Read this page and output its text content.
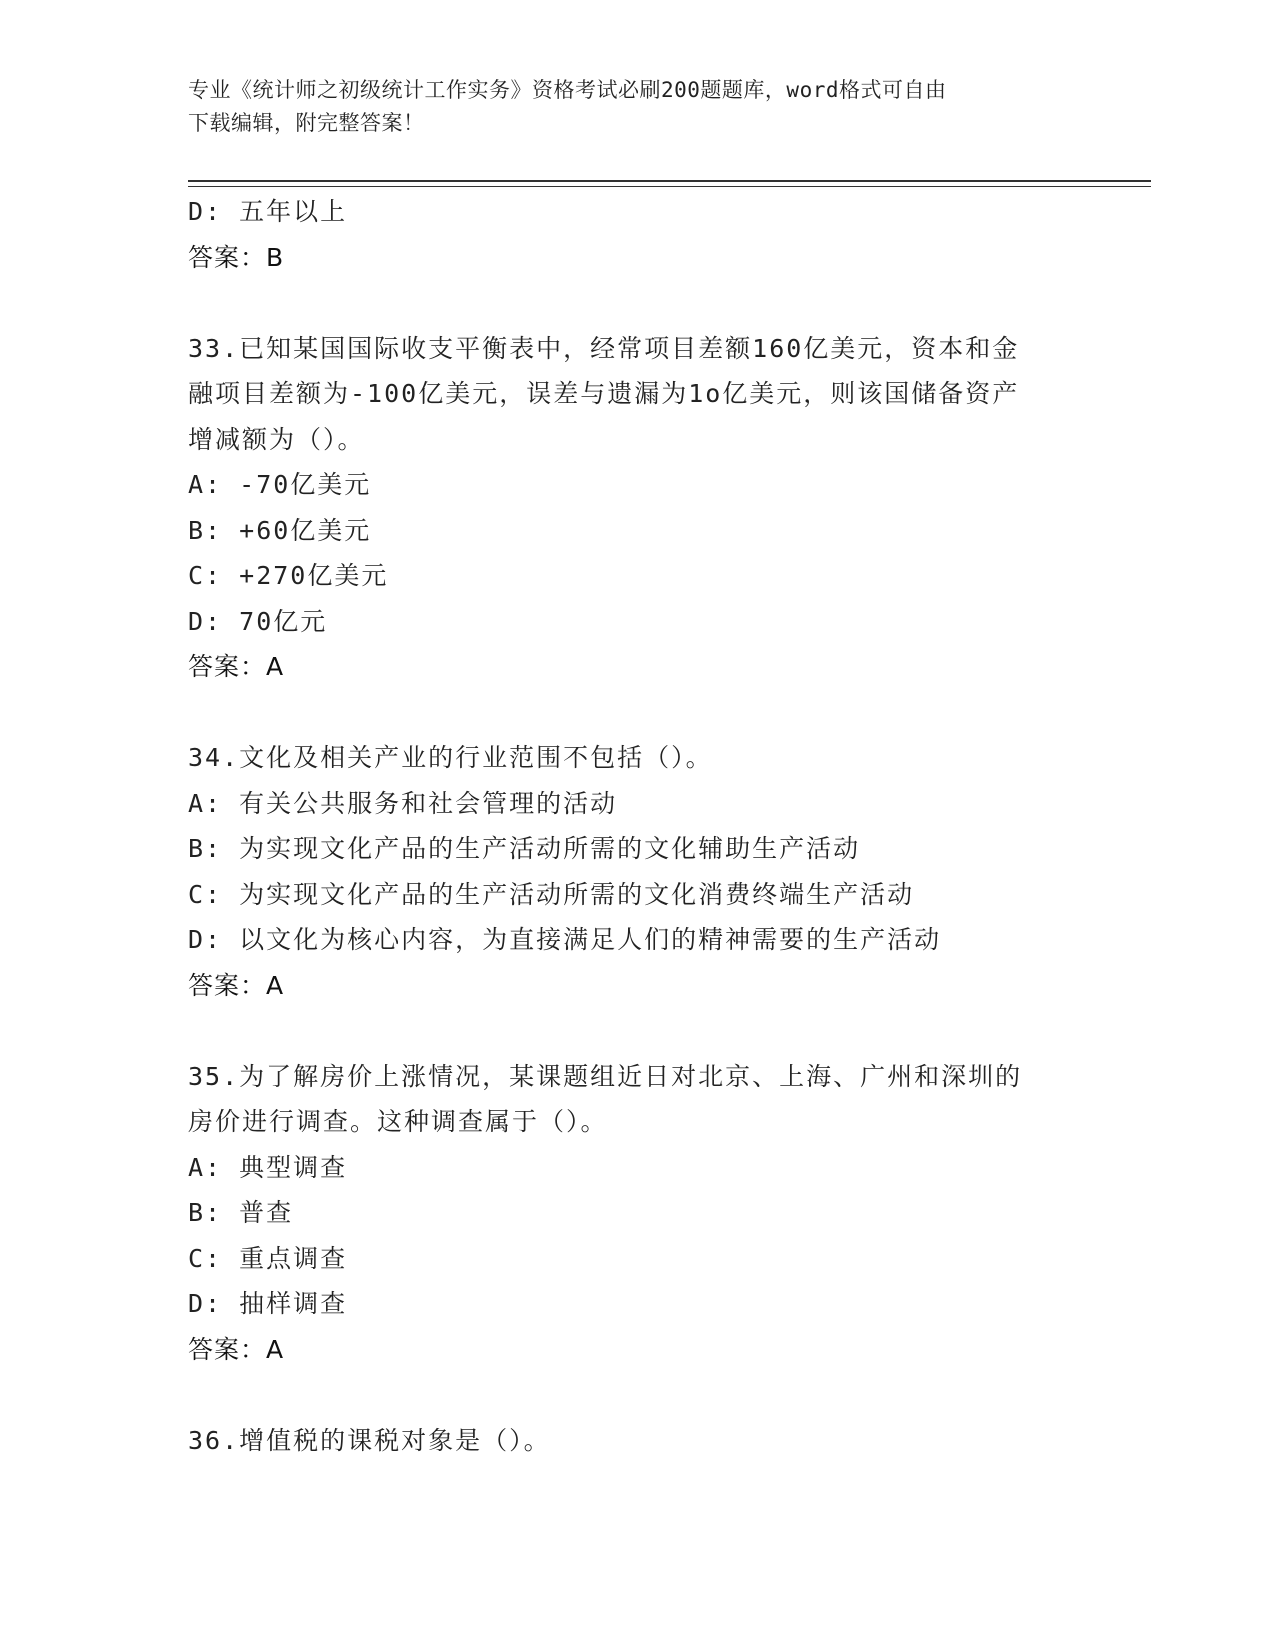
专业《统计师之初级统计工作实务》资格考试必刷200题题库，word格式可自由
下载编辑，附完整答案！
D: 五年以上
答案：B
33.已知某国国际收支平衡表中，经常项目差额160亿美元，资本和金
融项目差额为-100亿美元，误差与遗漏为1o亿美元，则该国储备资产
增减额为（）。
A: -70亿美元
B: +60亿美元
C: +270亿美元
D: 70亿元
答案：A
34.文化及相关产业的行业范围不包括（）。
A: 有关公共服务和社会管理的活动
B: 为实现文化产品的生产活动所需的文化辅助生产活动
C: 为实现文化产品的生产活动所需的文化消费终端生产活动
D: 以文化为核心内容，为直接满足人们的精神需要的生产活动
答案：A
35.为了解房价上涨情况，某课题组近日对北京、上海、广州和深圳的
房价进行调查。这种调查属于（）。
A: 典型调查
B: 普查
C: 重点调查
D: 抽样调查
答案：A
36.增值税的课税对象是（）。
